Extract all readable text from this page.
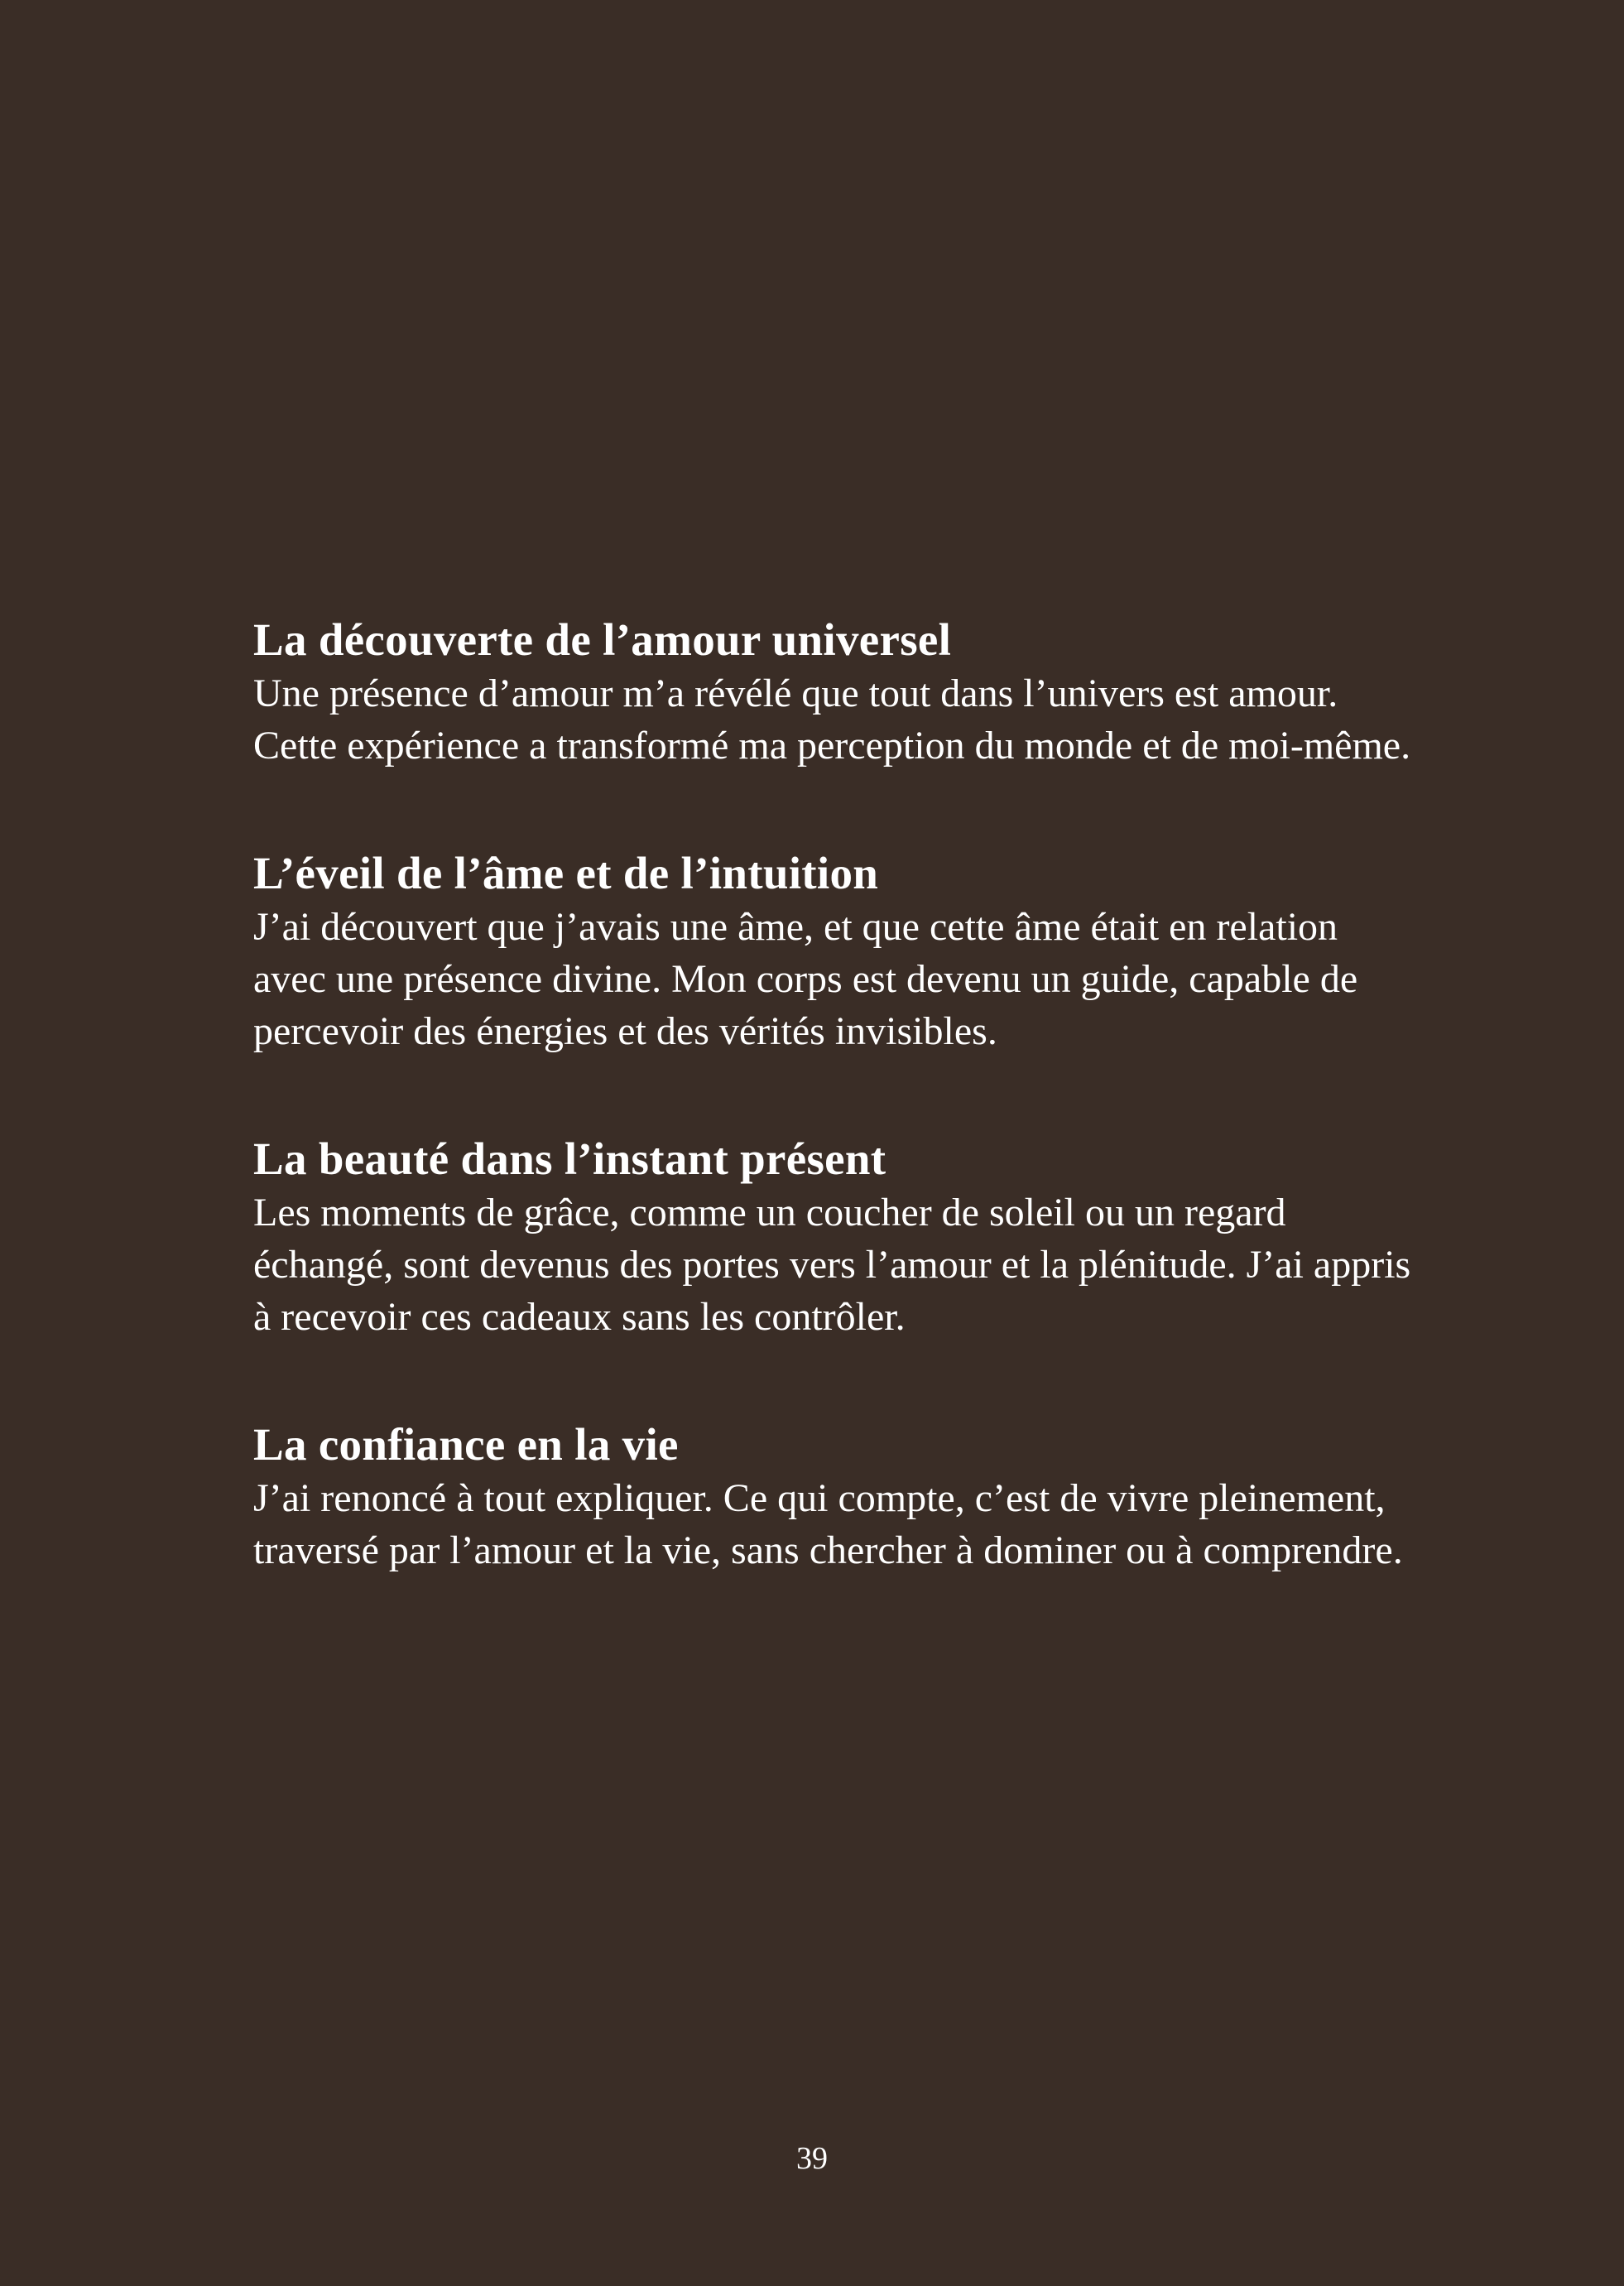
La découverte de l’amour universel

Une présence d’amour m’a révélé que tout dans l’univers est amour. Cette expérience a transformé ma perception du monde et de moi-même.

L’éveil de l’âme et de l’intuition

J’ai découvert que j’avais une âme, et que cette âme était en relation avec une présence divine. Mon corps est devenu un guide, capable de percevoir des énergies et des vérités invisibles.

La beauté dans l’instant présent

Les moments de grâce, comme un coucher de soleil ou un regard échangé, sont devenus des portes vers l’amour et la plénitude. J’ai appris à recevoir ces cadeaux sans les contrôler.

La confiance en la vie

J’ai renoncé à tout expliquer. Ce qui compte, c’est de vivre pleinement, traversé par l’amour et la vie, sans chercher à dominer ou à comprendre.

39
